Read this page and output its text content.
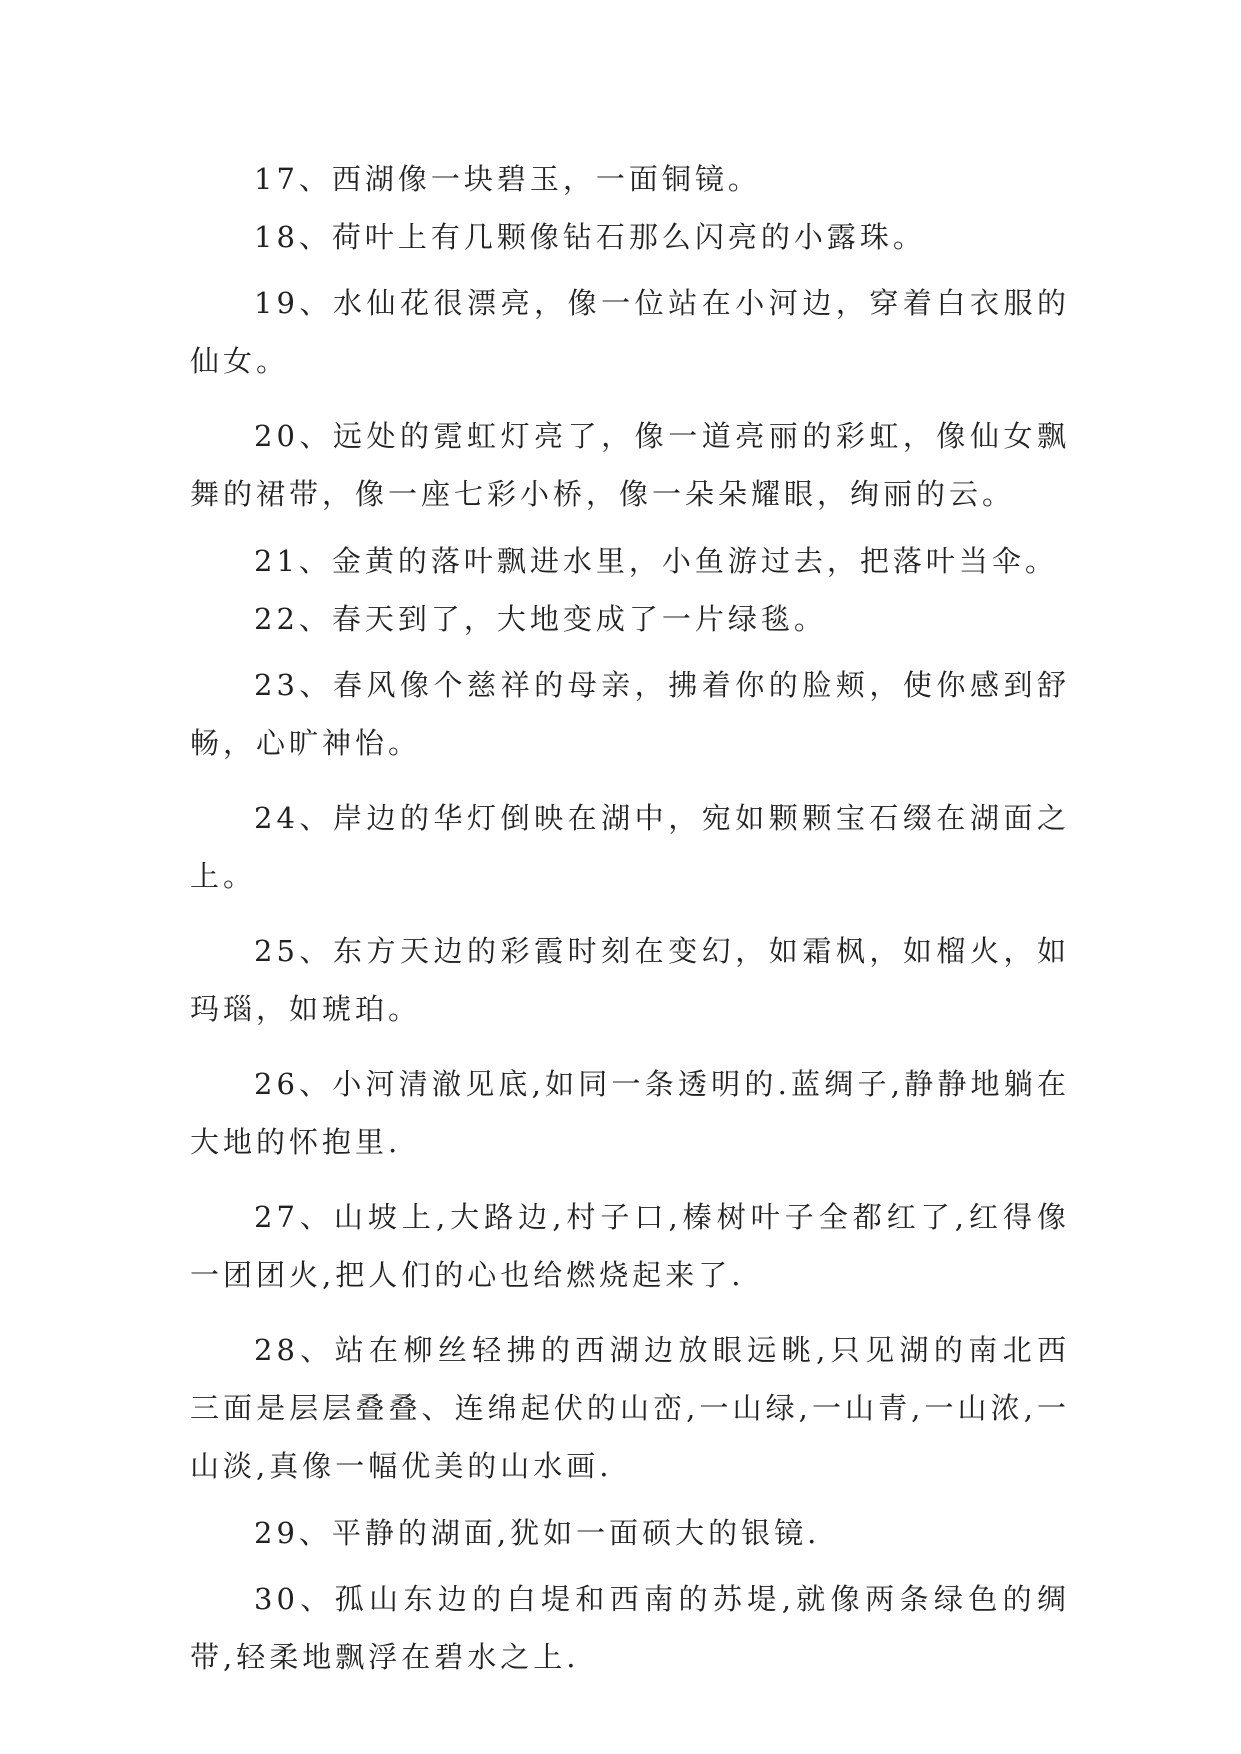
17、西湖像一块碧玉，一面铜镜。

18、荷叶上有几颗像钻石那么闪亮的小露珠。

19、水仙花很漂亮，像一位站在小河边，穿着白衣服的仙女。

20、远处的霓虹灯亮了，像一道亮丽的彩虹，像仙女飘舞的裙带，像一座七彩小桥，像一朵朵耀眼，绚丽的云。

21、金黄的落叶飘进水里，小鱼游过去，把落叶当伞。

22、春天到了，大地变成了一片绿毯。

23、春风像个慈祥的母亲，拂着你的脸颊，使你感到舒畅，心旷神怡。

24、岸边的华灯倒映在湖中，宛如颗颗宝石缀在湖面之上。

25、东方天边的彩霞时刻在变幻，如霜枫，如榴火，如玛瑙，如琥珀。

26、小河清澈见底,如同一条透明的.蓝绸子,静静地躺在大地的怀抱里.

27、山坡上,大路边,村子口,榛树叶子全都红了,红得像一团团火,把人们的心也给燃烧起来了.

28、站在柳丝轻拂的西湖边放眼远眺,只见湖的南北西三面是层层叠叠、连绵起伏的山峦,一山绿,一山青,一山浓,一山淡,真像一幅优美的山水画.

29、平静的湖面,犹如一面硕大的银镜.

30、孤山东边的白堤和西南的苏堤,就像两条绿色的绸带,轻柔地飘浮在碧水之上.
